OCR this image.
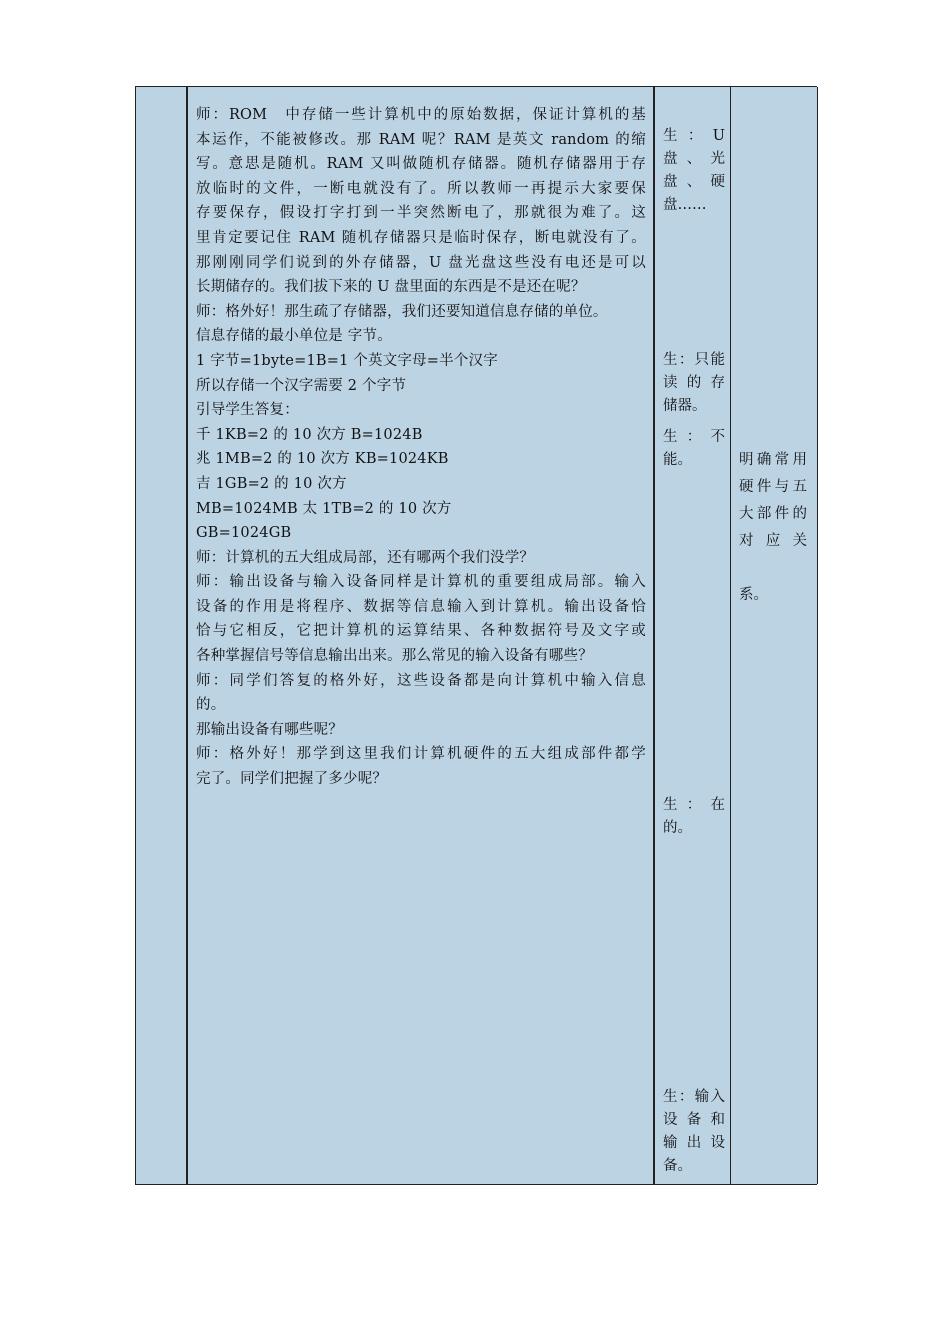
师：ROM　中存储一些计算机中的原始数据，保证计算机的基
本运作，不能被修改。那 RAM 呢？RAM 是英文 random 的缩
写。意思是随机。RAM 又叫做随机存储器。随机存储器用于存
放临时的文件，一断电就没有了。所以教师一再提示大家要保
存要保存，假设打字打到一半突然断电了，那就很为难了。这
里肯定要记住 RAM 随机存储器只是临时保存，断电就没有了。
那刚刚同学们说到的外存储器，U 盘光盘这些没有电还是可以
长期储存的。我们拔下来的 U 盘里面的东西是不是还在呢？
师：格外好！那生疏了存储器，我们还要知道信息存储的单位。
信息存储的最小单位是 字节。
1 字节=1byte=1B=1 个英文字母=半个汉字
所以存储一个汉字需要 2 个字节
引导学生答复：
千 1KB=2 的 10 次方 B=1024B
兆 1MB=2 的 10 次方 KB=1024KB
吉 1GB=2 的 10 次方
MB=1024MB 太 1TB=2 的 10 次方
GB=1024GB
师：计算机的五大组成局部，还有哪两个我们没学？
师：输出设备与输入设备同样是计算机的重要组成局部。输入
设备的作用是将程序、数据等信息输入到计算机。输出设备恰
恰与它相反，它把计算机的运算结果、各种数据符号及文字或
各种掌握信号等信息输出出来。那么常见的输入设备有哪些？
师：同学们答复的格外好，这些设备都是向计算机中输入信息
的。
那输出设备有哪些呢？
师：格外好！那学到这里我们计算机硬件的五大组成部件都学
完了。同学们把握了多少呢？
生 ： U
盘 、 光
盘 、 硬
盘……
生：只能
读 的 存
储器。
生 ： 不
能。
生 ： 在
的。
生：输入
设 备 和
输 出 设
备。
明确常用
硬件与五
大部件的
对 应 关

系。
